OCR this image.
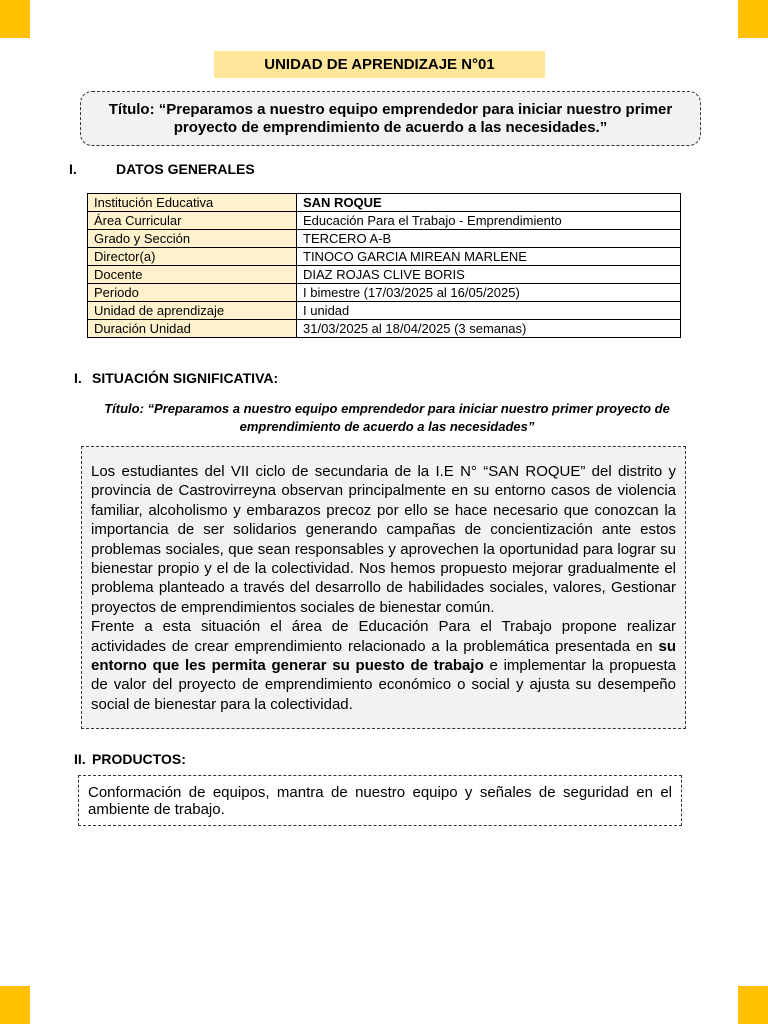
UNIDAD DE APRENDIZAJE N°01
Título: “Preparamos a nuestro equipo emprendedor para iniciar nuestro primer proyecto de emprendimiento de acuerdo a las necesidades.”
I.	DATOS GENERALES
Institución Educativa	SAN ROQUE
Área Curricular	Educación Para el Trabajo - Emprendimiento
Grado y Sección	TERCERO A-B
Director(a)	TINOCO GARCIA MIREAN MARLENE
Docente	DIAZ ROJAS CLIVE BORIS
Periodo	I bimestre (17/03/2025 al 16/05/2025)
Unidad de aprendizaje	I unidad
Duración Unidad	31/03/2025 al 18/04/2025 (3 semanas)
I. SITUACIÓN SIGNIFICATIVA:
Título: “Preparamos a nuestro equipo emprendedor para iniciar nuestro primer proyecto de emprendimiento de acuerdo a las necesidades”

Los estudiantes del VII ciclo de secundaria de la I.E N° “SAN ROQUE” del distrito y provincia de Castrovirreyna observan principalmente en su entorno casos de violencia familiar, alcoholismo y embarazos precoz por ello se hace necesario que conozcan la importancia de ser solidarios generando campañas de concientización ante estos problemas sociales, que sean responsables y aprovechen la oportunidad para lograr su bienestar propio y el de la colectividad. Nos hemos propuesto mejorar gradualmente el problema planteado a través del desarrollo de habilidades sociales, valores, Gestionar proyectos de emprendimientos sociales de bienestar común.

Frente a esta situación el área de Educación Para el Trabajo propone realizar actividades de crear emprendimiento relacionado a la problemática presentada en su entorno que les permita generar su puesto de trabajo e implementar la propuesta de valor del proyecto de emprendimiento económico o social y ajusta su desempeño social de bienestar para la colectividad.

II. PRODUCTOS:
Conformación de equipos, mantra de nuestro equipo y señales de seguridad en el ambiente de trabajo.
